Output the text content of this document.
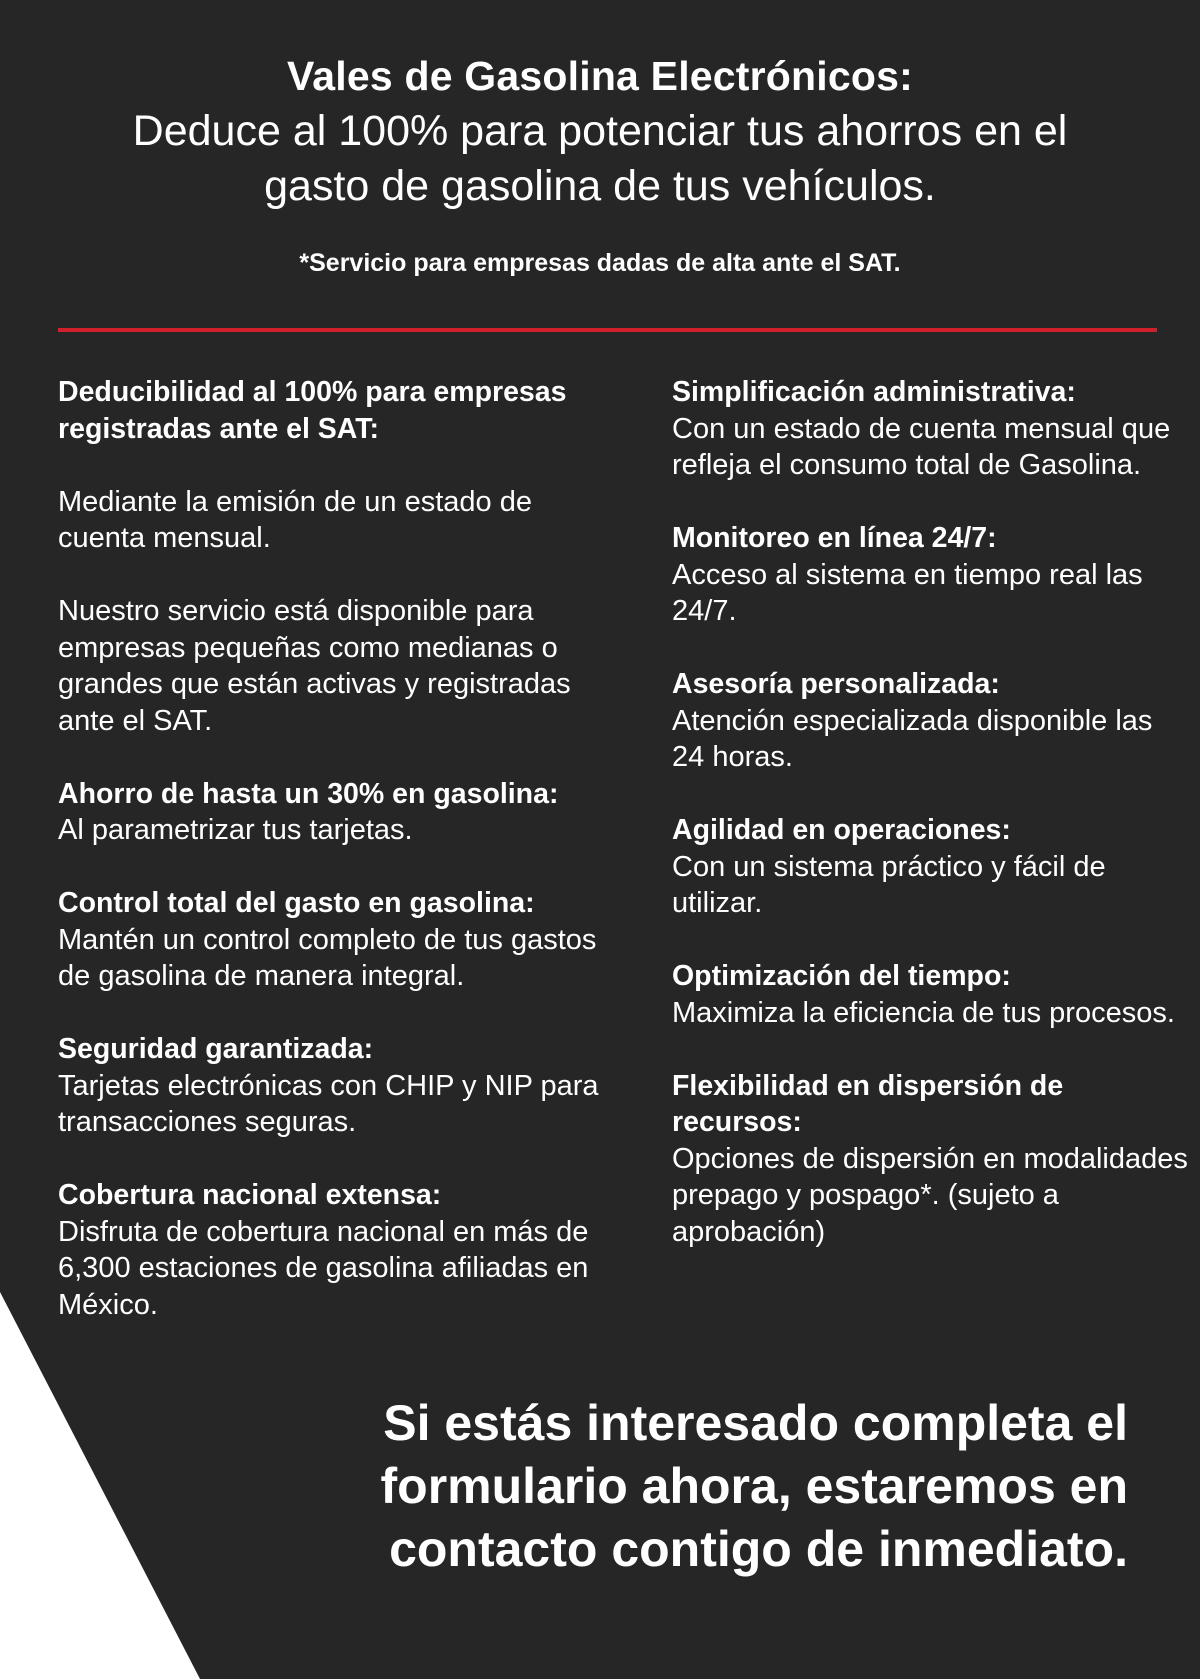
Vales de Gasolina Electrónicos:

Deduce al 100% para potenciar tus ahorros en el
gasto de gasolina de tus vehículos.

*Servicio para empresas dadas de alta ante el SAT.

Deducibilidad al 100% para empresas registradas ante el SAT:
Mediante la emisión de un estado de cuenta mensual.
Nuestro servicio está disponible para empresas pequeñas como medianas o grandes que están activas y registradas ante el SAT.
Ahorro de hasta un 30% en gasolina:
Al parametrizar tus tarjetas.
Control total del gasto en gasolina:
Mantén un control completo de tus gastos de gasolina de manera integral.
Seguridad garantizada:
Tarjetas electrónicas con CHIP y NIP para transacciones seguras.
Cobertura nacional extensa:
Disfruta de cobertura nacional en más de 6,300 estaciones de gasolina afiliadas en México.
Simplificación administrativa:
Con un estado de cuenta mensual que refleja el consumo total de Gasolina.
Monitoreo en línea 24/7:
Acceso al sistema en tiempo real las 24/7.
Asesoría personalizada:
Atención especializada disponible las 24 horas.
Agilidad en operaciones:
Con un sistema práctico y fácil de utilizar.
Optimización del tiempo:
Maximiza la eficiencia de tus procesos.
Flexibilidad en dispersión de recursos:
Opciones de dispersión en modalidades prepago y pospago*. (sujeto a aprobación)

Si estás interesado completa el
formulario ahora, estaremos en
contacto contigo de inmediato.
